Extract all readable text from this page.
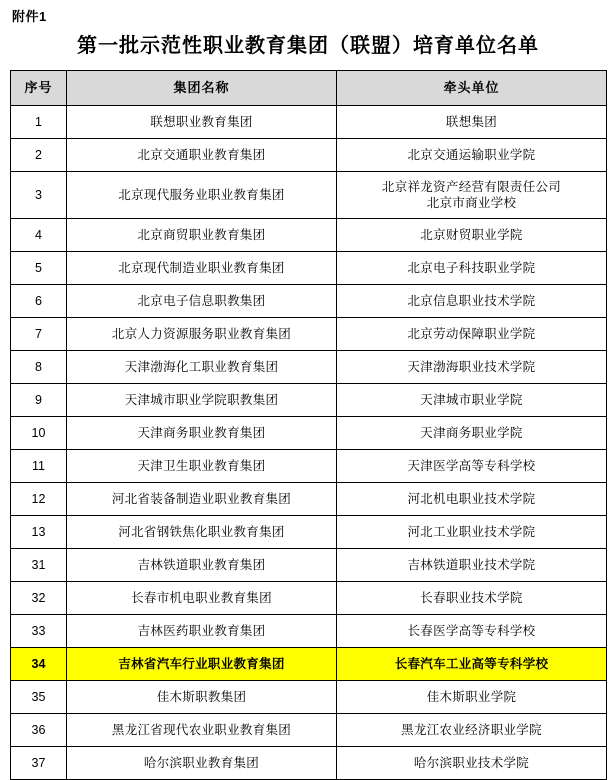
附件1
第一批示范性职业教育集团（联盟）培育单位名单
序号	集团名称	牵头单位
1	联想职业教育集团	联想集团
2	北京交通职业教育集团	北京交通运输职业学院
3	北京现代服务业职业教育集团	北京祥龙资产经营有限责任公司
北京市商业学校

4	北京商贸职业教育集团	北京财贸职业学院
5	北京现代制造业职业教育集团	北京电子科技职业学院
6	北京电子信息职教集团	北京信息职业技术学院
7	北京人力资源服务职业教育集团	北京劳动保障职业学院
8	天津渤海化工职业教育集团	天津渤海职业技术学院
9	天津城市职业学院职教集团	天津城市职业学院
10	天津商务职业教育集团	天津商务职业学院
11	天津卫生职业教育集团	天津医学高等专科学校
12	河北省装备制造业职业教育集团	河北机电职业技术学院
13	河北省钢铁焦化职业教育集团	河北工业职业技术学院
31	吉林铁道职业教育集团	吉林铁道职业技术学院
32	长春市机电职业教育集团	长春职业技术学院
33	吉林医药职业教育集团	长春医学高等专科学校
34	吉林省汽车行业职业教育集团	长春汽车工业高等专科学校
35	佳木斯职教集团	佳木斯职业学院
36	黑龙江省现代农业职业教育集团	黑龙江农业经济职业学院
37	哈尔滨职业教育集团	哈尔滨职业技术学院
